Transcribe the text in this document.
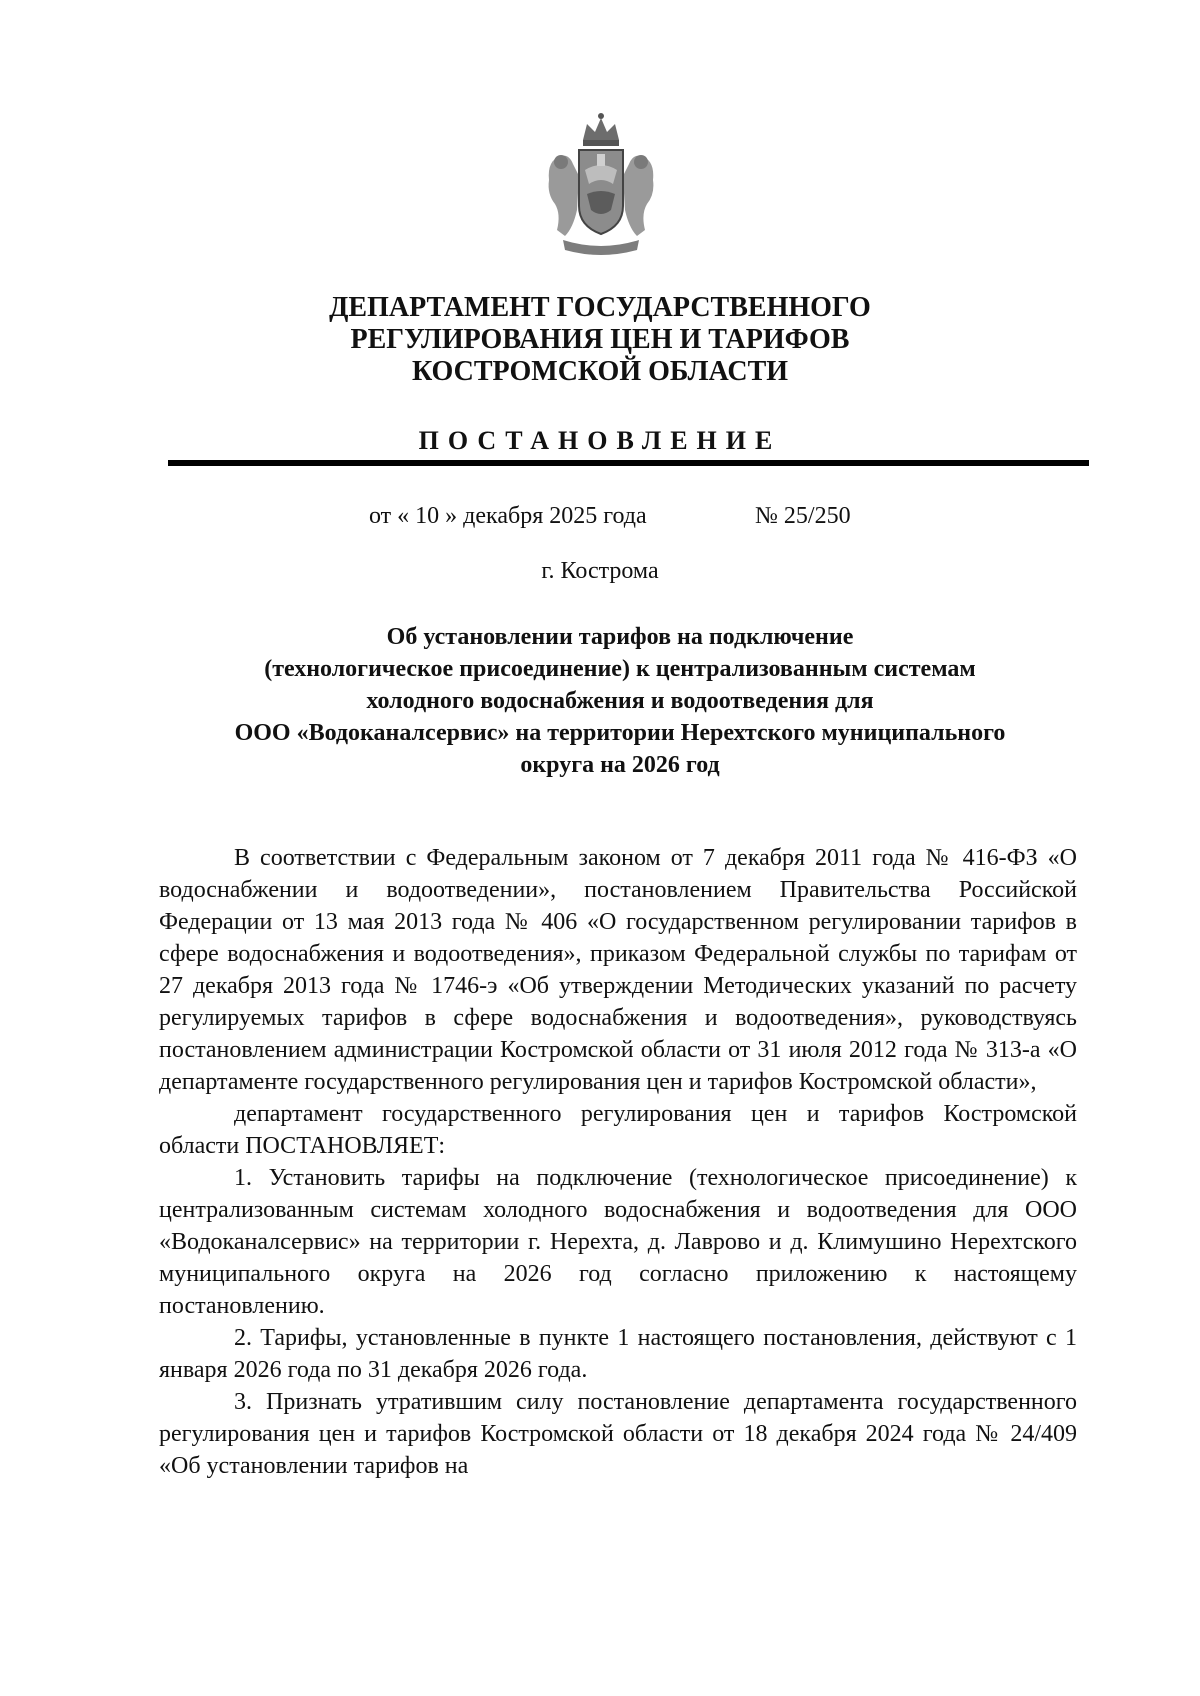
ДЕПАРТАМЕНТ ГОСУДАРСТВЕННОГО
РЕГУЛИРОВАНИЯ ЦЕН И ТАРИФОВ
КОСТРОМСКОЙ ОБЛАСТИ
ПОСТАНОВЛЕНИЕ
от « 10 » декабря 2025 года	№ 25/250
г. Кострома
Об установлении тарифов на подключение
(технологическое присоединение) к централизованным системам
холодного водоснабжения и водоотведения для
ООО «Водоканалсервис» на территории Нерехтского муниципального
округа на 2026 год

В соответствии с Федеральным законом от 7 декабря 2011 года № 416-ФЗ «О водоснабжении и водоотведении», постановлением Правительства Российской Федерации от 13 мая 2013 года № 406 «О государственном регулировании тарифов в сфере водоснабжения и водоотведения», приказом Федеральной службы по тарифам от 27 декабря 2013 года № 1746-э «Об утверждении Методических указаний по расчету регулируемых тарифов в сфере водоснабжения и водоотведения», руководствуясь постановлением администрации Костромской области от 31 июля 2012 года № 313-а «О департаменте государственного регулирования цен и тарифов Костромской области»,

департамент государственного регулирования цен и тарифов Костромской области ПОСТАНОВЛЯЕТ:

1. Установить тарифы на подключение (технологическое присоединение) к централизованным системам холодного водоснабжения и водоотведения для ООО «Водоканалсервис» на территории г. Нерехта, д. Лаврово и д. Климушино Нерехтского муниципального округа на 2026 год согласно приложению к настоящему постановлению.

2. Тарифы, установленные в пункте 1 настоящего постановления, действуют с 1 января 2026 года по 31 декабря 2026 года.

3. Признать утратившим силу постановление департамента государственного регулирования цен и тарифов Костромской области от 18 декабря 2024 года № 24/409 «Об установлении тарифов на
